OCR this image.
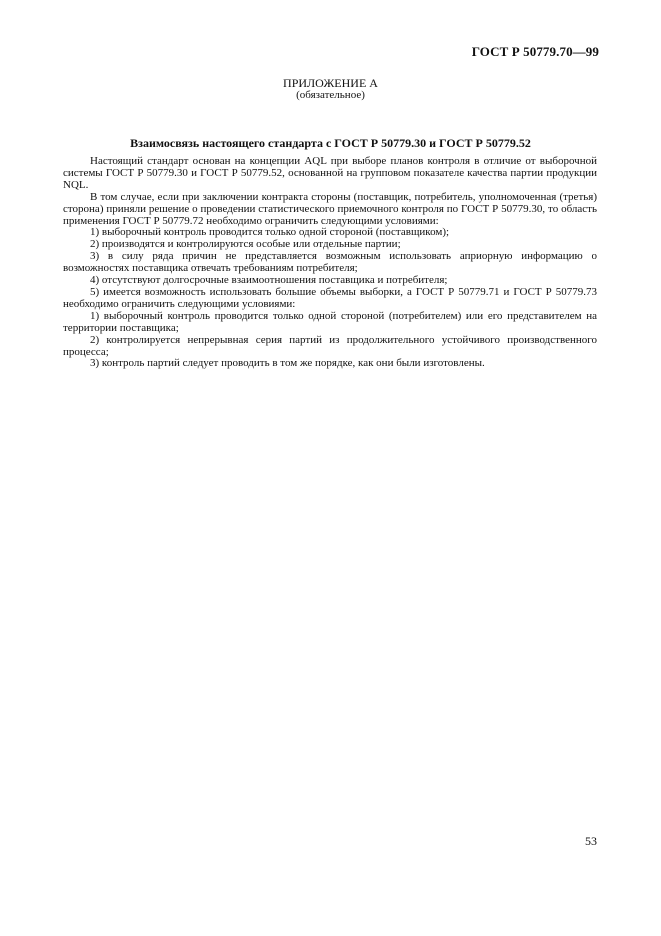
ГОСТ Р 50779.70—99
ПРИЛОЖЕНИЕ А
(обязательное)
Взаимосвязь настоящего стандарта с ГОСТ Р 50779.30 и ГОСТ Р 50779.52

Настоящий стандарт основан на концепции AQL при выборе планов контроля в отличие от выборочной системы ГОСТ Р 50779.30 и ГОСТ Р 50779.52, основанной на групповом показателе качества партии продукции NQL.

В том случае, если при заключении контракта стороны (поставщик, потребитель, уполномоченная (третья) сторона) приняли решение о проведении статистического приемочного контроля по ГОСТ Р 50779.30, то область применения ГОСТ Р 50779.72 необходимо ограничить следующими условиями:

1) выборочный контроль проводится только одной стороной (поставщиком);

2) производятся и контролируются особые или отдельные партии;

3) в силу ряда причин не представляется возможным использовать априорную информацию о возможностях поставщика отвечать требованиям потребителя;

4) отсутствуют долгосрочные взаимоотношения поставщика и потребителя;

5) имеется возможность использовать большие объемы выборки, а ГОСТ Р 50779.71 и ГОСТ Р 50779.73 необходимо ограничить следующими условиями:

1) выборочный контроль проводится только одной стороной (потребителем) или его представителем на территории поставщика;

2) контролируется непрерывная серия партий из продолжительного устойчивого производственного процесса;

3) контроль партий следует проводить в том же порядке, как они были изготовлены.

53
